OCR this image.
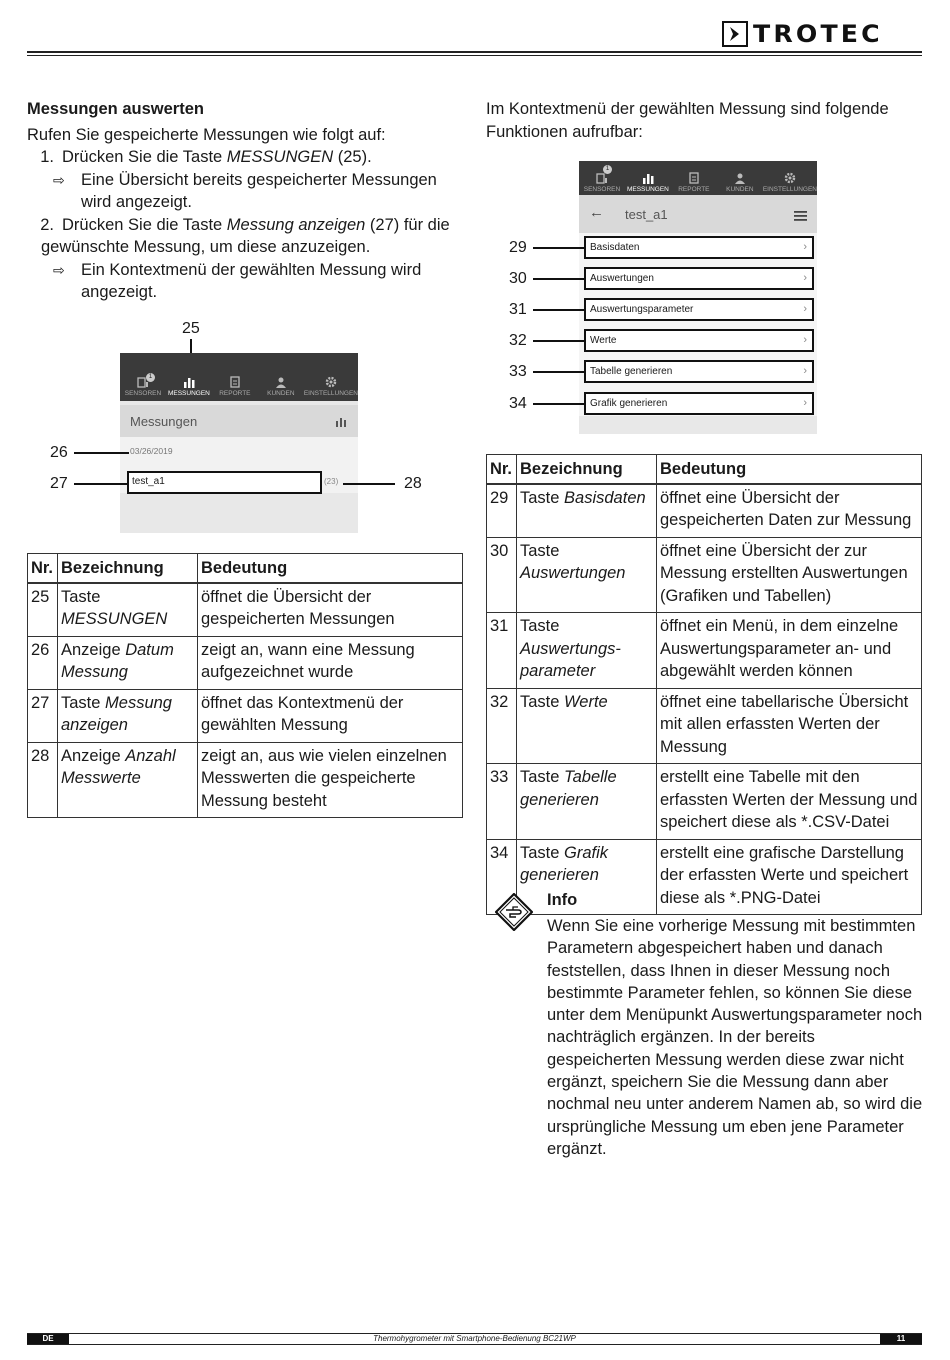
TROTEC
Messungen auswerten
Rufen Sie gespeicherte Messungen wie folgt auf:
1. Drücken Sie die Taste MESSUNGEN (25).
⇨ Eine Übersicht bereits gespeicherter Messungen wird angezeigt.
2. Drücken Sie die Taste Messung anzeigen (27) für die
gewünschte Messung, um diese anzuzeigen.
⇨ Ein Kontextmenü der gewählten Messung wird angezeigt.
25
SENSOREN
1
MESSUNGEN REPORTE	KUNDEN EINSTELLUNGEN
Messungen
03/26/2019
test_a1	(23)
26
27	28
Nr.	Bezeichnung	Bedeutung
25	Taste MESSUNGEN	öffnet die Übersicht der gespeicherten Messungen
26	Anzeige Datum Messung	zeigt an, wann eine Messung aufgezeichnet wurde
27	Taste Messung anzeigen	öffnet das Kontextmenü der gewählten Messung
28	Anzeige Anzahl Messwerte	zeigt an, aus wie vielen einzelnen Messwerten die gespeicherte Messung besteht
Im Kontextmenü der gewählten Messung sind folgende Funktionen aufrufbar:
SENSOREN
1
MESSUNGEN REPORTE	KUNDEN EINSTELLUNGEN
← test_a1
Basisdaten	›
Auswertungen	›
Auswertungsparameter	›
Werte	›
Tabelle generieren	›
Grafik generieren	›
29
30
31
32
33
34
Nr.	Bezeichnung	Bedeutung
29	Taste Basisdaten	öffnet eine Übersicht der gespeicherten Daten zur Messung
30	Taste Auswertungen	öffnet eine Übersicht der zur Messung erstellten Auswertungen (Grafiken und Tabellen)
31	Taste Auswertungs-parameter	öffnet ein Menü, in dem einzelne Auswertungsparameter an- und abgewählt werden können
32	Taste Werte	öffnet eine tabellarische Übersicht mit allen erfassten Werten der Messung
33	Taste Tabelle generieren	erstellt eine Tabelle mit den erfassten Werten der Messung und speichert diese als *.CSV-Datei
34	Taste Grafik generieren	erstellt eine grafische Darstellung der erfassten Werte und speichert diese als *.PNG-Datei
Info
Wenn Sie eine vorherige Messung mit bestimmten Parametern abgespeichert haben und danach feststellen, dass Ihnen in dieser Messung noch bestimmte Parameter fehlen, so können Sie diese unter dem Menüpunkt Auswertungsparameter noch nachträglich ergänzen. In der bereits gespeicherten Messung werden diese zwar nicht ergänzt, speichern Sie die Messung dann aber nochmal neu unter anderem Namen ab, so wird die ursprüngliche Messung um eben jene Parameter ergänzt.
DE	Thermohygrometer mit Smartphone-Bedienung BC21WP	11
